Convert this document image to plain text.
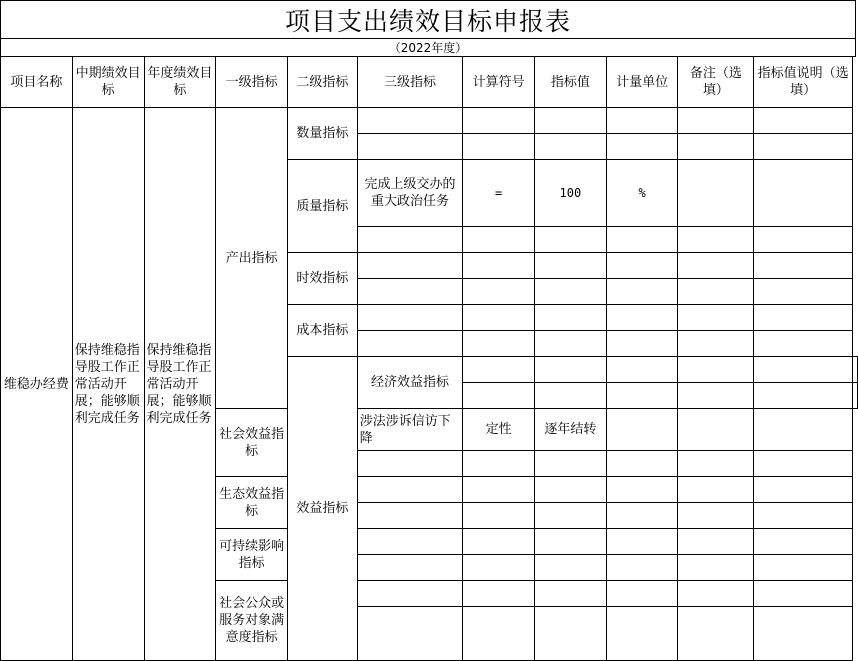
项目支出绩效目标申报表
（2022年度）
项目名称	中期绩效目标	年度绩效目标	一级指标	二级指标	三级指标	计算符号	指标值	计量单位	备注（选填）	指标值说明（选填）	
维稳办经费	保持维稳指导股工作正常活动开展；能够顺利完成任务	保持维稳指导股工作正常活动开展；能够顺利完成任务	产出指标	数量指标							

				质量指标	完成上级交办的重大政治任务	=	100	%			

				时效指标							

				成本指标							

				效益指标	经济效益指标						

			社会效益指标		涉法涉诉信访下降	定性	逐年结转				

			生态效益指标								

			可持续影响指标								

			社会公众或服务对象满意度指标								
